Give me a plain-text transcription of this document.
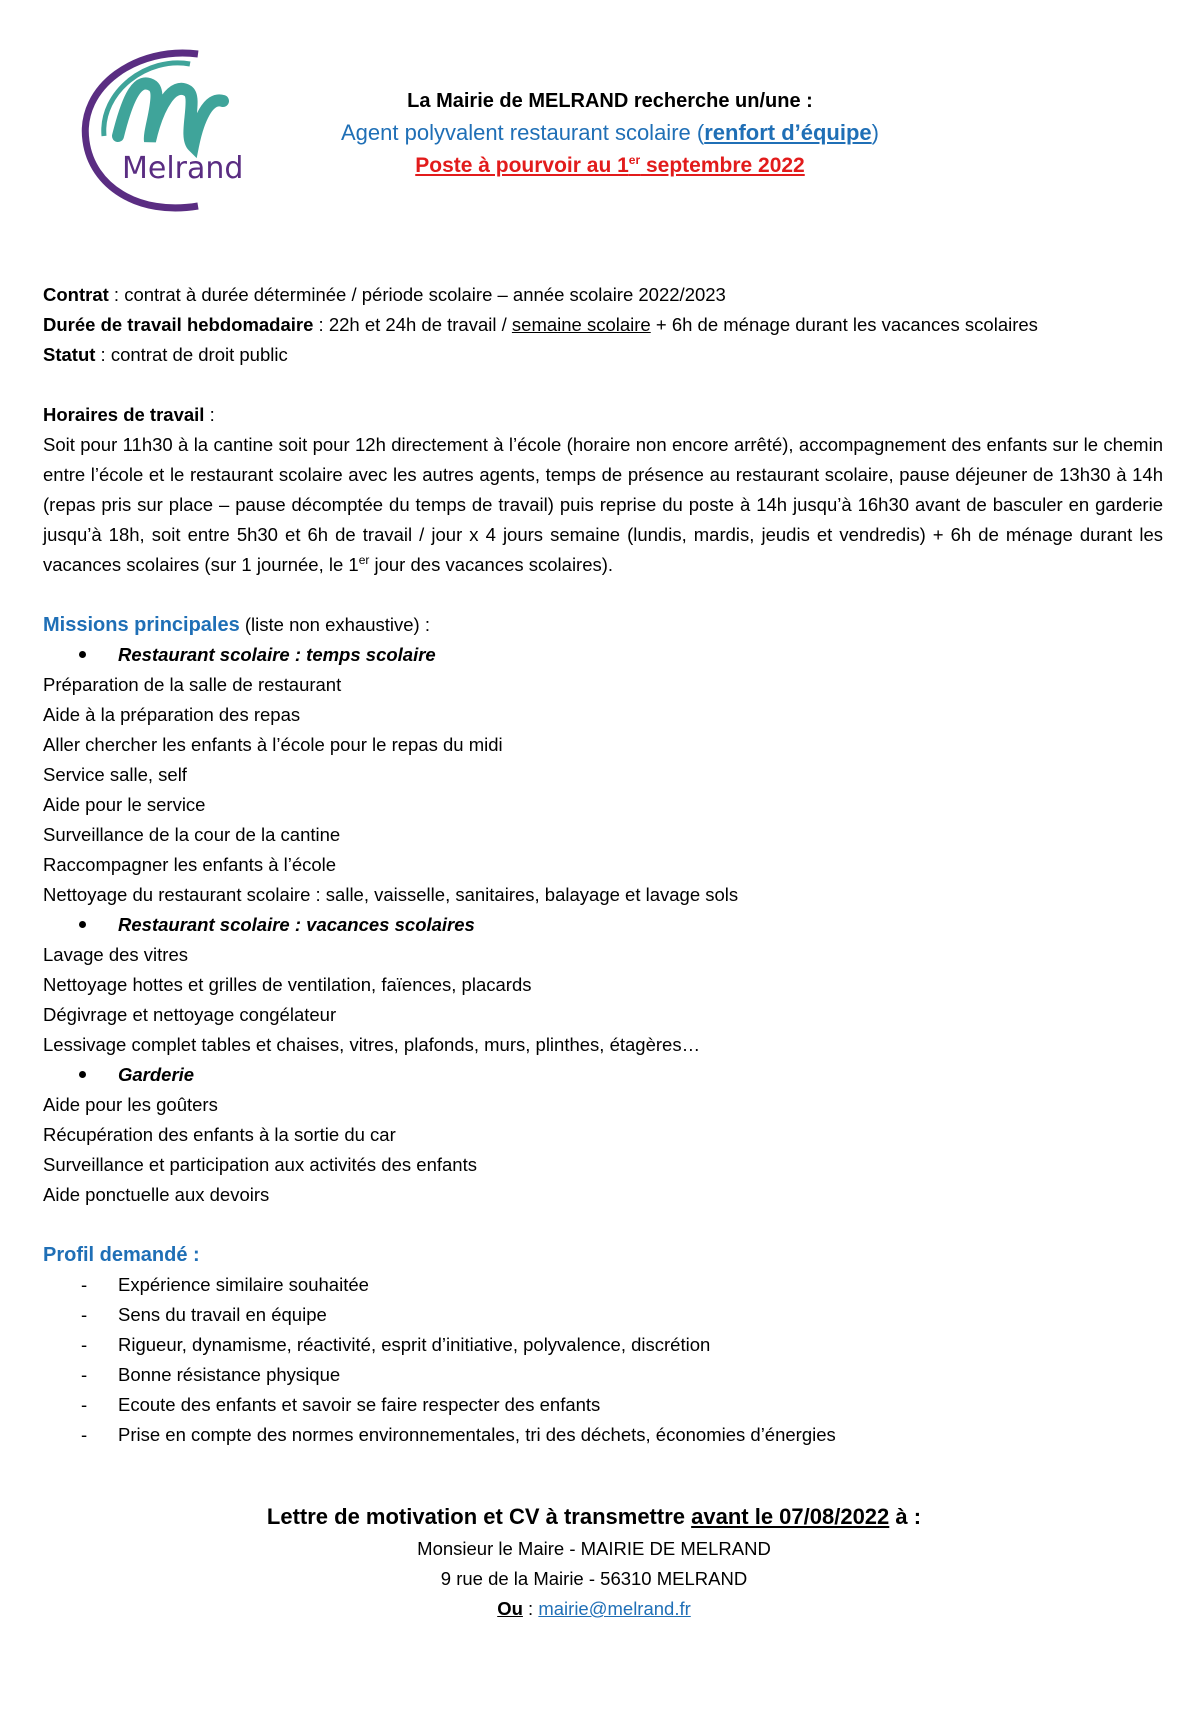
Melrand
La Mairie de MELRAND recherche un/une :
Agent polyvalent restaurant scolaire (renfort d’équipe)
Poste à pourvoir au 1er septembre 2022
Contrat : contrat à durée déterminée / période scolaire – année scolaire 2022/2023
Durée de travail hebdomadaire : 22h et 24h de travail / semaine scolaire + 6h de ménage durant les vacances scolaires
Statut : contrat de droit public
Horaires de travail :
Soit pour 11h30 à la cantine soit pour 12h directement à l’école (horaire non encore arrêté), accompagnement des enfants sur le chemin entre l’école et le restaurant scolaire avec les autres agents, temps de présence au restaurant scolaire, pause déjeuner de 13h30 à 14h (repas pris sur place – pause décomptée du temps de travail) puis reprise du poste à 14h jusqu’à 16h30 avant de basculer en garderie jusqu’à 18h, soit entre 5h30 et 6h de travail / jour x 4 jours semaine (lundis, mardis, jeudis et vendredis) + 6h de ménage durant les vacances scolaires (sur 1 journée, le 1er jour des vacances scolaires).
Missions principales (liste non exhaustive) :
Restaurant scolaire : temps scolaire
Préparation de la salle de restaurant
Aide à la préparation des repas
Aller chercher les enfants à l’école pour le repas du midi
Service salle, self
Aide pour le service
Surveillance de la cour de la cantine
Raccompagner les enfants à l’école
Nettoyage du restaurant scolaire : salle, vaisselle, sanitaires, balayage et lavage sols
Restaurant scolaire : vacances scolaires
Lavage des vitres
Nettoyage hottes et grilles de ventilation, faïences, placards
Dégivrage et nettoyage congélateur
Lessivage complet tables et chaises, vitres, plafonds, murs, plinthes, étagères…
Garderie
Aide pour les goûters
Récupération des enfants à la sortie du car
Surveillance et participation aux activités des enfants
Aide ponctuelle aux devoirs
Profil demandé :
- Expérience similaire souhaitée
- Sens du travail en équipe
- Rigueur, dynamisme, réactivité, esprit d’initiative, polyvalence, discrétion
- Bonne résistance physique
- Ecoute des enfants et savoir se faire respecter des enfants
- Prise en compte des normes environnementales, tri des déchets, économies d’énergies
Lettre de motivation et CV à transmettre avant le 07/08/2022 à :
Monsieur le Maire - MAIRIE DE MELRAND
9 rue de la Mairie - 56310 MELRAND
Ou : mairie@melrand.fr
